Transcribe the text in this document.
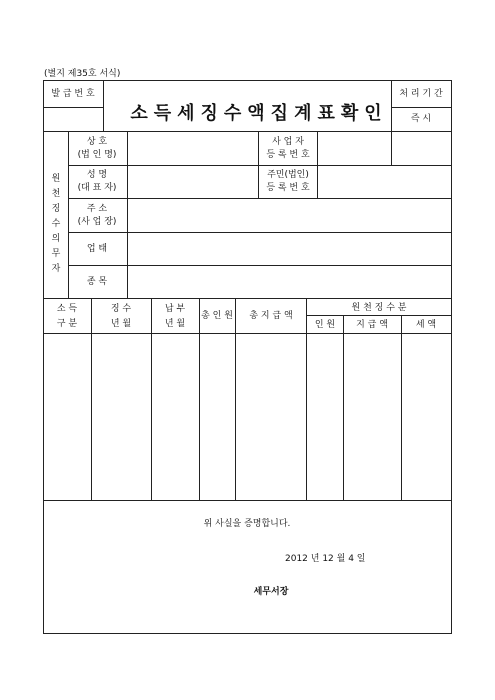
(별지 제35호 서식)
발 급 번 호
소득세징수액집계표확인
처 리 기 간
즉 시
원
천
징
수
의
무
자
상 호
(법 인 명)
사 업 자
등 록 번 호
성 명
(대 표 자)
주민(법인)
등 록 번 호
주 소
(사 업 장)
업 태
종 목
소 득
구 분
징 수
년 월
납 부
년 월
총 인 원 총 지 급 액
원 천 징 수 분
인 원 지 급 액	세 액
위 사실을 증명합니다.
2012 년 12 월 4 일
세무서장
